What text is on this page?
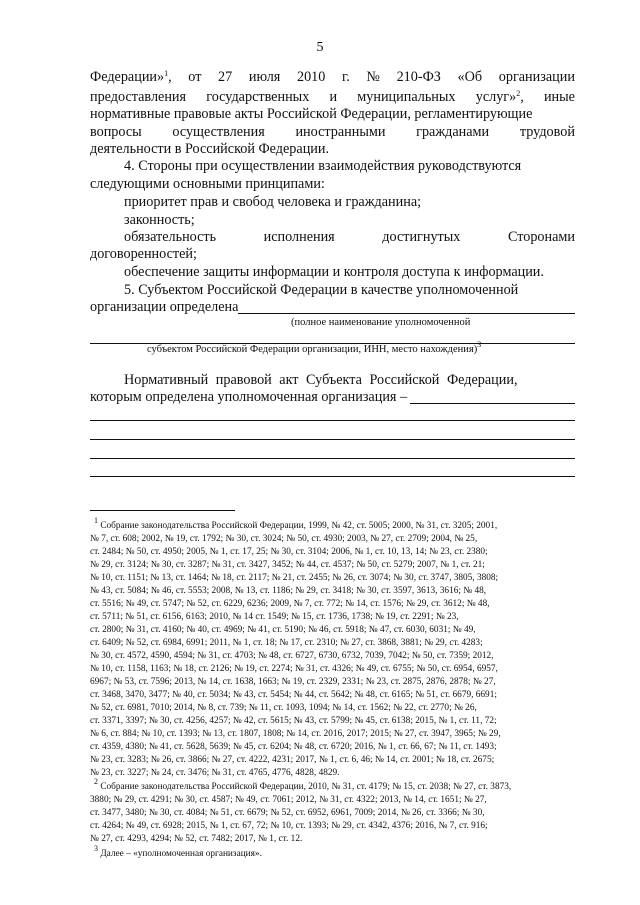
5
Федерации»$^1$, от 27 июля 2010 г. № 210-ФЗ «Об организации
предоставления государственных и муниципальных услуг»$^2$, иные
нормативные правовые акты Российской Федерации, регламентирующие
вопросы осуществления иностранными гражданами трудовой
деятельности в Российской Федерации.
4. Стороны при осуществлении взаимодействия руководствуются
следующими основными принципами:
приоритет прав и свобод человека и гражданина;
законность;
обязательность	исполнения	достигнутых	Сторонами
договоренностей;
обеспечение защиты информации и контроля доступа к информации.
5. Субъектом Российской Федерации в качестве уполномоченной
организации определена
(полное наименование уполномоченной
субъектом Российской Федерации организации, ИНН, место нахождения)$^3$
Нормативный правовой акт Субъекта Российской Федерации,
которым определена уполномоченная организация –
$^1$ Собрание законодательства Российской Федерации, 1999, № 42, ст. 5005; 2000, № 31, ст. 3205; 2001,
№ 7, ст. 608; 2002, № 19, ст. 1792; № 30, ст. 3024; № 50, ст. 4930; 2003, № 27, ст. 2709; 2004, № 25,
ст. 2484; № 50, ст. 4950; 2005, № 1, ст. 17, 25; № 30, ст. 3104; 2006, № 1, ст. 10, 13, 14; № 23, ст. 2380;
№ 29, ст. 3124; № 30, ст. 3287; № 31, ст. 3427, 3452; № 44, ст. 4537; № 50, ст. 5279; 2007, № 1, ст. 21;
№ 10, ст. 1151; № 13, ст. 1464; № 18, ст. 2117; № 21, ст. 2455; № 26, ст. 3074; № 30, ст. 3747, 3805, 3808;
№ 43, ст. 5084; № 46, ст. 5553; 2008, № 13, ст. 1186; № 29, ст. 3418; № 30, ст. 3597, 3613, 3616; № 48,
ст. 5516; № 49, ст. 5747; № 52, ст. 6229, 6236; 2009, № 7, ст. 772; № 14, ст. 1576; № 29, ст. 3612; № 48,
ст. 5711; № 51, ст. 6156, 6163; 2010, № 14 ст. 1549; № 15, ст. 1736, 1738; № 19, ст. 2291; № 23,
ст. 2800; № 31, ст. 4160; № 40, ст. 4969; № 41, ст. 5190; № 46, ст. 5918; № 47, ст. 6030, 6031; № 49,
ст. 6409; № 52, ст. 6984, 6991; 2011, № 1, ст. 18; № 17, ст. 2310; № 27, ст. 3868, 3881; № 29, ст. 4283;
№ 30, ст. 4572, 4590, 4594; № 31, ст. 4703; № 48, ст. 6727, 6730, 6732, 7039, 7042; № 50, ст. 7359; 2012,
№ 10, ст. 1158, 1163; № 18, ст. 2126; № 19, ст. 2274; № 31, ст. 4326; № 49, ст. 6755; № 50, ст. 6954, 6957,
6967; № 53, ст. 7596; 2013, № 14, ст. 1638, 1663; № 19, ст. 2329, 2331; № 23, ст. 2875, 2876, 2878; № 27,
ст. 3468, 3470, 3477; № 40, ст. 5034; № 43, ст. 5454; № 44, ст. 5642; № 48, ст. 6165; № 51, ст. 6679, 6691;
№ 52, ст. 6981, 7010; 2014, № 8, ст. 739; № 11, ст. 1093, 1094; № 14, ст. 1562; № 22, ст. 2770; № 26,
ст. 3371, 3397; № 30, ст. 4256, 4257; № 42, ст. 5615; № 43, ст. 5799; № 45, ст. 6138; 2015, № 1, ст. 11, 72;
№ 6, ст. 884; № 10, ст. 1393; № 13, ст. 1807, 1808; № 14, ст. 2016, 2017; 2015; № 27, ст. 3947, 3965; № 29,
ст. 4359, 4380; № 41, ст. 5628, 5639; № 45, ст. 6204; № 48, ст. 6720; 2016, № 1, ст. 66, 67; № 11, ст. 1493;
№ 23, ст. 3283; № 26, ст. 3866; № 27, ст. 4222, 4231; 2017, № 1, ст. 6, 46; № 14, ст. 2001; № 18, ст. 2675;
№ 23, ст. 3227; № 24, ст. 3476; № 31, ст. 4765, 4776, 4828, 4829.
$^2$ Собрание законодательства Российской Федерации, 2010, № 31, ст. 4179; № 15, ст. 2038; № 27, ст. 3873,
3880; № 29, ст. 4291; № 30, ст. 4587; № 49, ст. 7061; 2012, № 31, ст. 4322; 2013, № 14, ст. 1651; № 27,
ст. 3477, 3480; № 30, ст. 4084; № 51, ст. 6679; № 52, ст. 6952, 6961, 7009; 2014, № 26, ст. 3366; № 30,
ст. 4264; № 49, ст. 6928; 2015, № 1, ст. 67, 72; № 10, ст. 1393; № 29, ст. 4342, 4376; 2016, № 7, ст. 916;
№ 27, ст. 4293, 4294; № 52, ст. 7482; 2017, № 1, ст. 12.
$^3$ Далее – «уполномоченная организация».
